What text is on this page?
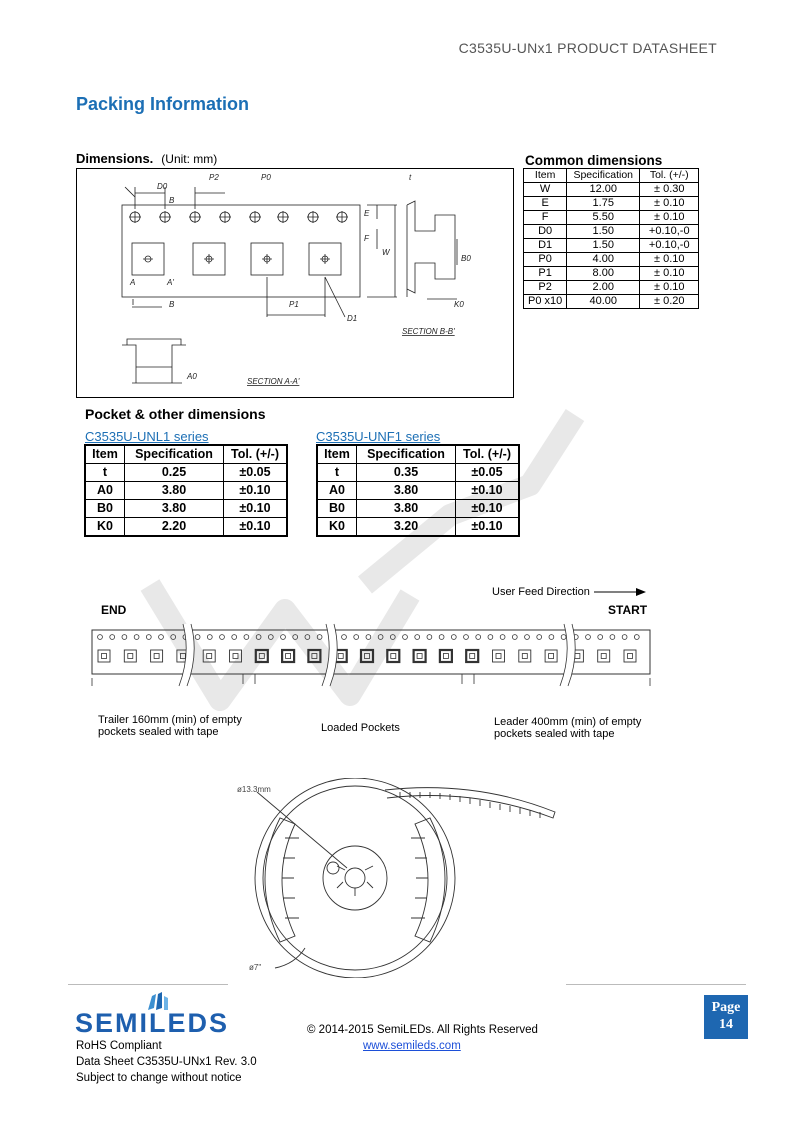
C3535U-UNx1 PRODUCT DATASHEET
Packing Information
Dimensions. (Unit: mm)
D0
P2	P0	t
B
E
F
W
A	A'
B0
B	P1
D1
K0
SECTION B-B'
A0
SECTION A-A'
Common dimensions
Item	Specification	Tol. (+/-)
W	12.00	± 0.30
E	1.75	± 0.10
F	5.50	± 0.10
D0	1.50	+0.10,-0
D1	1.50	+0.10,-0
P0	4.00	± 0.10
P1	8.00	± 0.10
P2	2.00	± 0.10
P0 x10	40.00	± 0.20
Pocket & other dimensions
C3535U-UNL1 series	C3535U-UNF1 series
Item	Specification	Tol. (+/-)
t	0.25	±0.05
A0	3.80	±0.10
B0	3.80	±0.10
K0	2.20	±0.10
Item	Specification	Tol. (+/-)
t	0.35	±0.05
A0	3.80	±0.10
B0	3.80	±0.10
K0	3.20	±0.10
END	START
User Feed Direction
Trailer 160mm (min) of empty
pockets sealed with tape	Loaded Pockets	Leader 400mm (min) of empty
pockets sealed with tape
ø13.3mm
ø7"
SEMILEDS
RoHS Compliant
Data Sheet C3535U-UNx1 Rev. 3.0
Subject to change without notice
© 2014-2015 SemiLEDs. All Rights Reserved
www.semileds.com
Page
14
